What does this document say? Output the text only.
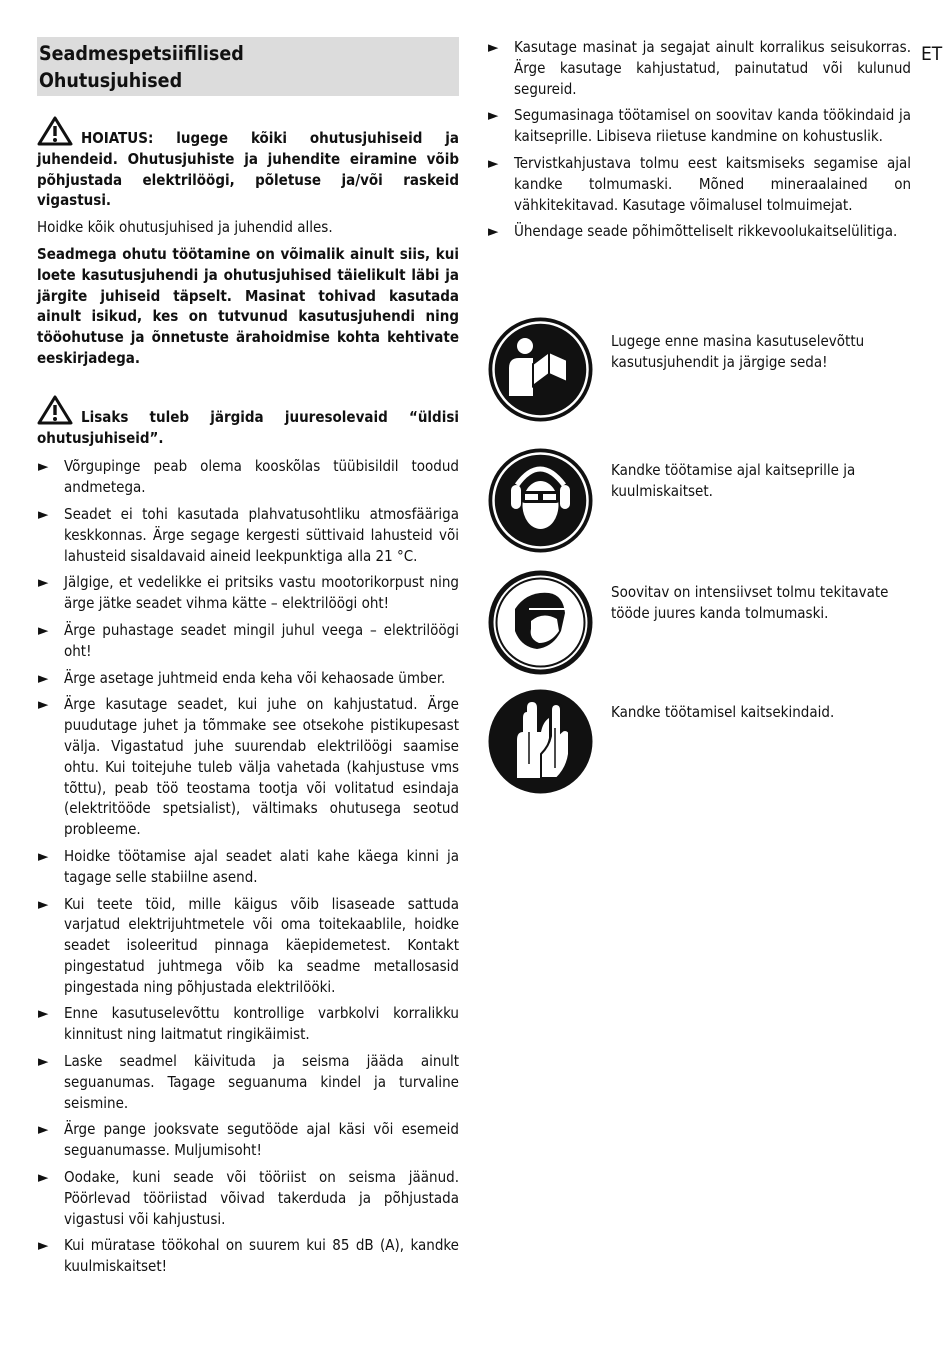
ET
Seadmespetsiifilised
Ohutusjuhised

HOIATUS: lugege kõiki ohutusjuhiseid ja juhendeid. Ohutusjuhiste ja juhendite eiramine võib põhjustada elektrilöögi, põletuse ja/või raskeid vigastusi.

Hoidke kõik ohutusjuhised ja juhendid alles.

Seadmega ohutu töötamine on võimalik ainult siis, kui loete kasutusjuhendi ja ohutusjuhised täielikult läbi ja järgite juhiseid täpselt. Masinat tohivad kasutada ainult isikud, kes on tutvunud kasutusjuhendi ning tööohutuse ja õnnetuste ärahoidmise kohta kehtivate eeskirjadega.

Lisaks tuleb järgida juuresolevaid “üldisi ohutusjuhiseid”.

► Võrgupinge peab olema kooskõlas tüübisildil toodud andmetega.
► Seadet ei tohi kasutada plahvatusohtliku atmosfääriga keskkonnas. Ärge segage kergesti süttivaid lahusteid või lahusteid sisaldavaid aineid leekpunktiga alla 21 °C.
► Jälgige, et vedelikke ei pritsiks vastu mootorikorpust ning ärge jätke seadet vihma kätte – elektrilöögi oht!
► Ärge puhastage seadet mingil juhul veega – elektrilöögi oht!
► Ärge asetage juhtmeid enda keha või kehaosade ümber.
► Ärge kasutage seadet, kui juhe on kahjustatud. Ärge puudutage juhet ja tõmmake see otsekohe pistikupesast välja. Vigastatud juhe suurendab elektrilöögi saamise ohtu. Kui toitejuhe tuleb välja vahetada (kahjustuse vms tõttu), peab töö teostama tootja või volitatud esindaja (elektritööde spetsialist), vältimaks ohutusega seotud probleeme.
► Hoidke töötamise ajal seadet alati kahe käega kinni ja tagage selle stabiilne asend.
► Kui teete töid, mille käigus võib lisaseade sattuda varjatud elektrijuhtmetele või oma toitekaablile, hoidke seadet isoleeritud pinnaga käepidemetest. Kontakt pingestatud juhtmega võib ka seadme metallosasid pingestada ning põhjustada elektrilööki.
► Enne kasutuselevõttu kontrollige varbkolvi korralikku kinnitust ning laitmatut ringikäimist.
► Laske seadmel käivituda ja seisma jääda ainult seguanumas. Tagage seguanuma kindel ja turvaline seismine.
► Ärge pange jooksvate segutööde ajal käsi või esemeid seguanumasse. Muljumisoht!
► Oodake, kuni seade või tööriist on seisma jäänud. Pöörlevad tööriistad võivad takerduda ja põhjustada vigastusi või kahjustusi.
► Kui müratase töökohal on suurem kui 85 dB (A), kandke kuulmiskaitset!
► Kasutage masinat ja segajat ainult korralikus seisukorras. Ärge kasutage kahjustatud, painutatud või kulunud segureid.
► Segumasinaga töötamisel on soovitav kanda töökindaid ja kaitseprille. Libiseva riietuse kandmine on kohustuslik.
► Tervistkahjustava tolmu eest kaitsmiseks segamise ajal kandke tolmumaski. Mõned mineraalained on vähkitekitavad. Kasutage võimalusel tolmuimejat.
► Ühendage seade põhimõtteliselt rikkevoolukaitselülitiga.
Lugege enne masina kasutuselevõttu kasutusjuhendit ja järgige seda!
Kandke töötamise ajal kaitseprille ja kuulmiskaitset.
Soovitav on intensiivset tolmu tekitavate tööde juures kanda tolmumaski.
Kandke töötamisel kaitsekindaid.
